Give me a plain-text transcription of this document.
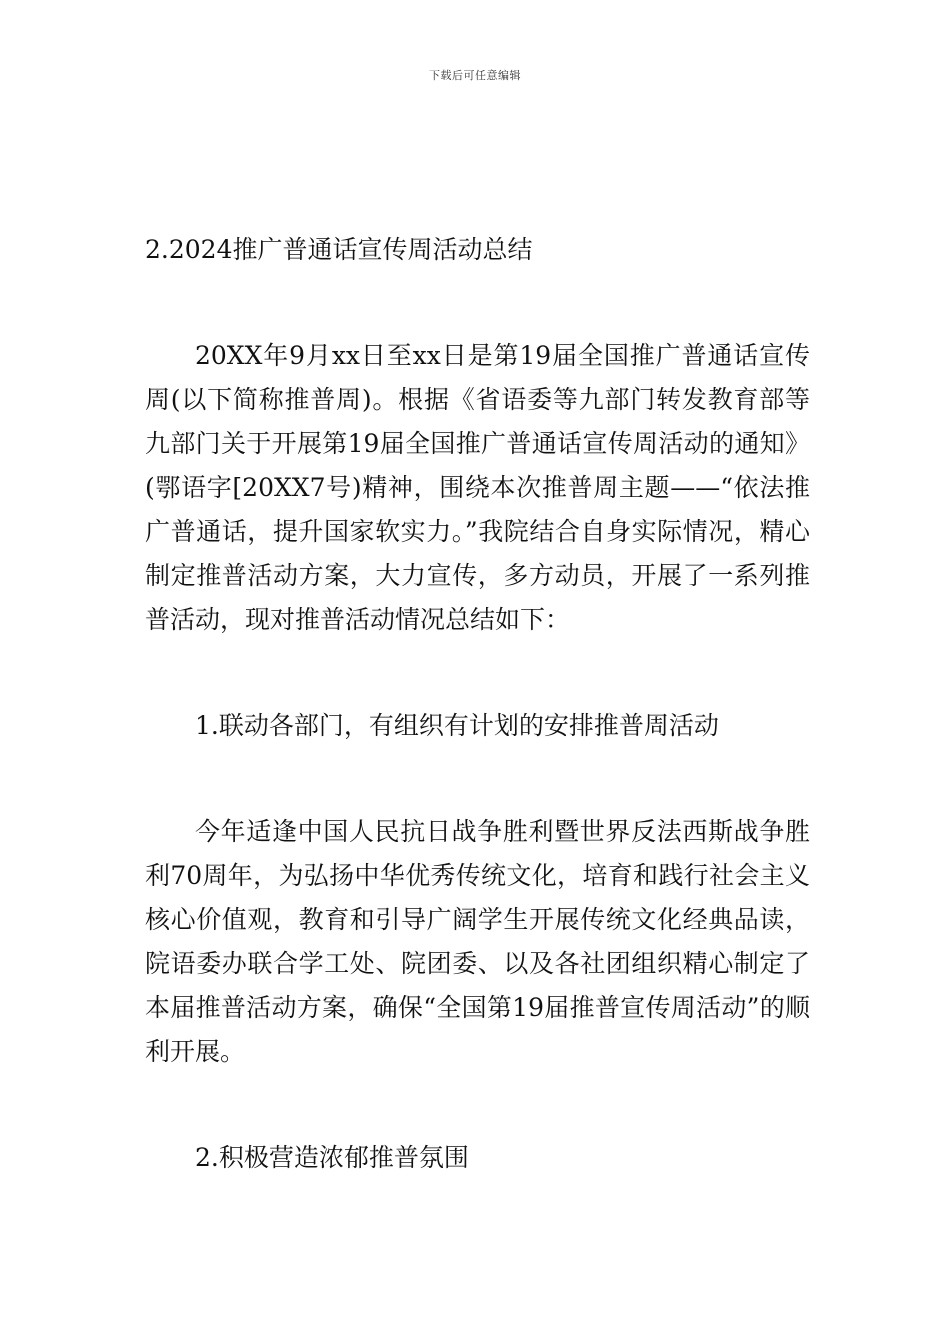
下载后可任意编辑
2.2024推广普通话宣传周活动总结

20XX年9月xx日至xx日是第19届全国推广普通话宣传周(以下简称推普周)。根据《省语委等九部门转发教育部等九部门关于开展第19届全国推广普通话宣传周活动的通知》(鄂语字[20XX7号)精神，围绕本次推普周主题——“依法推广普通话，提升国家软实力。”我院结合自身实际情况，精心制定推普活动方案，大力宣传，多方动员，开展了一系列推普活动，现对推普活动情况总结如下：

1.联动各部门，有组织有计划的安排推普周活动

今年适逢中国人民抗日战争胜利暨世界反法西斯战争胜利70周年，为弘扬中华优秀传统文化，培育和践行社会主义核心价值观，教育和引导广阔学生开展传统文化经典品读，院语委办联合学工处、院团委、以及各社团组织精心制定了本届推普活动方案，确保“全国第19届推普宣传周活动”的顺利开展。

2.积极营造浓郁推普氛围
